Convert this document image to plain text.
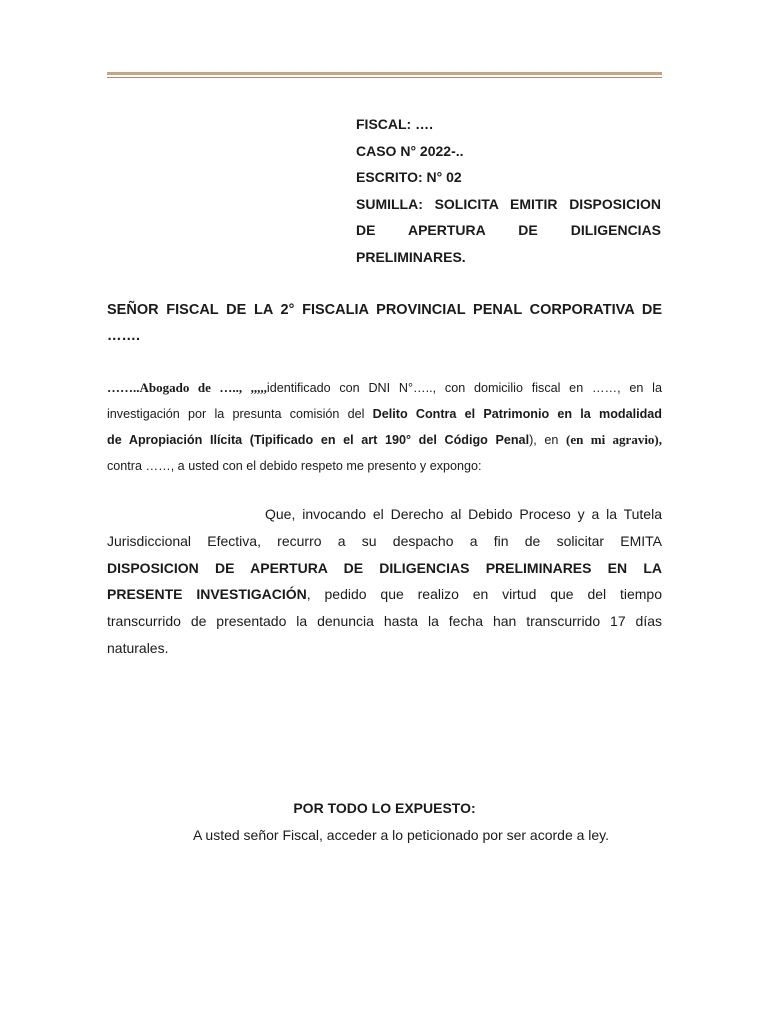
FISCAL: ….
CASO N° 2022-..
ESCRITO: N° 02
SUMILLA: SOLICITA EMITIR DISPOSICION
DE APERTURA DE DILIGENCIAS
PRELIMINARES.
SEÑOR FISCAL DE LA 2° FISCALIA PROVINCIAL PENAL CORPORATIVA DE
…….
……..Abogado de ….., ,,,,,identificado con DNI N°….., con domicilio fiscal en ……, en la
investigación por la presunta comisión del Delito Contra el Patrimonio en la modalidad
de Apropiación Ilícita (Tipificado en el art 190° del Código Penal), en (en mi agravio),
contra ……, a usted con el debido respeto me presento y expongo:
Que, invocando el Derecho al Debido Proceso y a la Tutela
Jurisdiccional Efectiva, recurro a su despacho a fin de solicitar EMITA
DISPOSICION DE APERTURA DE DILIGENCIAS PRELIMINARES EN LA
PRESENTE INVESTIGACIÓN, pedido que realizo en virtud que del tiempo
transcurrido de presentado la denuncia hasta la fecha han transcurrido 17 días
naturales.
POR TODO LO EXPUESTO:
A usted señor Fiscal, acceder a lo peticionado por ser acorde a ley.
